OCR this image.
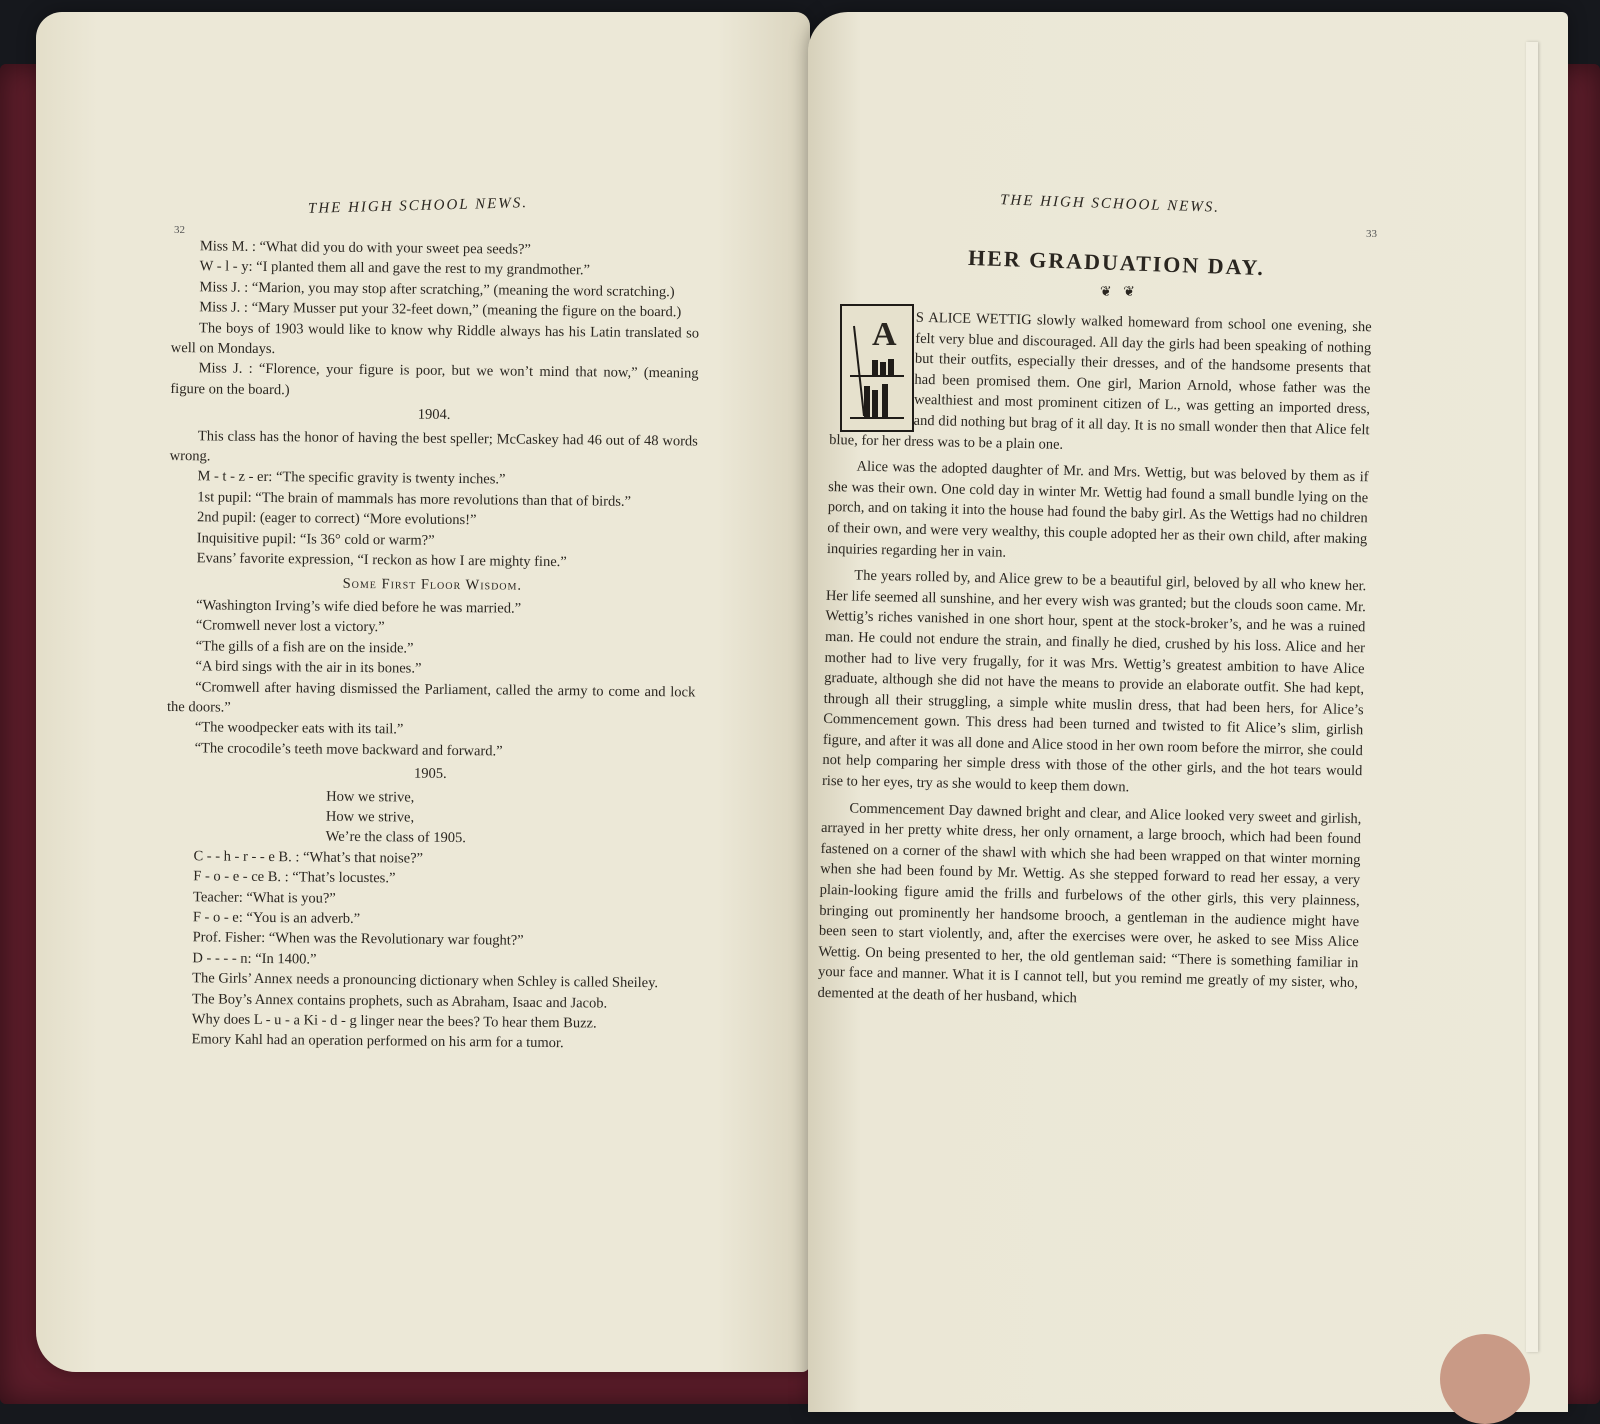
THE HIGH SCHOOL NEWS.
32

Miss M. : “What did you do with your sweet pea seeds?”

W - l - y: “I planted them all and gave the rest to my grandmother.”

Miss J. : “Marion, you may stop after scratching,” (meaning the word scratching.)

Miss J. : “Mary Musser put your 32-feet down,” (meaning the figure on the board.)

The boys of 1903 would like to know why Riddle always has his Latin translated so well on Mondays.

Miss J. : “Florence, your figure is poor, but we won’t mind that now,” (meaning figure on the board.)

1904.

This class has the honor of having the best speller; McCaskey had 46 out of 48 words wrong.

M - t - z - er: “The specific gravity is twenty inches.”

1st pupil: “The brain of mammals has more revolutions than that of birds.”

2nd pupil: (eager to correct) “More evolutions!”

Inquisitive pupil: “Is 36° cold or warm?”

Evans’ favorite expression, “I reckon as how I are mighty fine.”

Some First Floor Wisdom.

“Washington Irving’s wife died before he was married.”

“Cromwell never lost a victory.”

“The gills of a fish are on the inside.”

“A bird sings with the air in its bones.”

“Cromwell after having dismissed the Parliament, called the army to come and lock the doors.”

“The woodpecker eats with its tail.”

“The crocodile’s teeth move backward and forward.”

1905.

How we strive,

How we strive,

We’re the class of 1905.

C - - h - r - - e B. : “What’s that noise?”

F - o - e - ce B. : “That’s locustes.”

Teacher: “What is you?”

F - o - e: “You is an adverb.”

Prof. Fisher: “When was the Revolutionary war fought?”

D - - - - n: “In 1400.”

The Girls’ Annex needs a pronouncing dictionary when Schley is called Sheiley.

The Boy’s Annex contains prophets, such as Abraham, Isaac and Jacob.

Why does L - u - a Ki - d - g linger near the bees? To hear them Buzz.

Emory Kahl had an operation performed on his arm for a tumor.

THE HIGH SCHOOL NEWS.
33
HER GRADUATION DAY.
❦ ❦
A	S ALICE WETTIG slowly walked homeward from school one evening, she felt very blue and discouraged. All day the girls had been speaking of nothing but their outfits, especially their dresses, and of the handsome presents that had been promised them. One girl, Marion Arnold, whose father was the wealthiest and most prominent citizen of L., was getting an imported dress, and did nothing but brag of it all day. It is no small wonder then that Alice felt blue, for her dress was to be a plain one.

Alice was the adopted daughter of Mr. and Mrs. Wettig, but was beloved by them as if she was their own. One cold day in winter Mr. Wettig had found a small bundle lying on the porch, and on taking it into the house had found the baby girl. As the Wettigs had no children of their own, and were very wealthy, this couple adopted her as their own child, after making inquiries regarding her in vain.

The years rolled by, and Alice grew to be a beautiful girl, beloved by all who knew her. Her life seemed all sunshine, and her every wish was granted; but the clouds soon came. Mr. Wettig’s riches vanished in one short hour, spent at the stock-broker’s, and he was a ruined man. He could not endure the strain, and finally he died, crushed by his loss. Alice and her mother had to live very frugally, for it was Mrs. Wettig’s greatest ambition to have Alice graduate, although she did not have the means to provide an elaborate outfit. She had kept, through all their struggling, a simple white muslin dress, that had been hers, for Alice’s Commencement gown. This dress had been turned and twisted to fit Alice’s slim, girlish figure, and after it was all done and Alice stood in her own room before the mirror, she could not help comparing her simple dress with those of the other girls, and the hot tears would rise to her eyes, try as she would to keep them down.

Commencement Day dawned bright and clear, and Alice looked very sweet and girlish, arrayed in her pretty white dress, her only ornament, a large brooch, which had been found fastened on a corner of the shawl with which she had been wrapped on that winter morning when she had been found by Mr. Wettig. As she stepped forward to read her essay, a very plain-looking figure amid the frills and furbelows of the other girls, this very plainness, bringing out prominently her handsome brooch, a gentleman in the audience might have been seen to start violently, and, after the exercises were over, he asked to see Miss Alice Wettig. On being presented to her, the old gentleman said: “There is something familiar in your face and manner. What it is I cannot tell, but you remind me greatly of my sister, who, demented at the death of her husband, which
